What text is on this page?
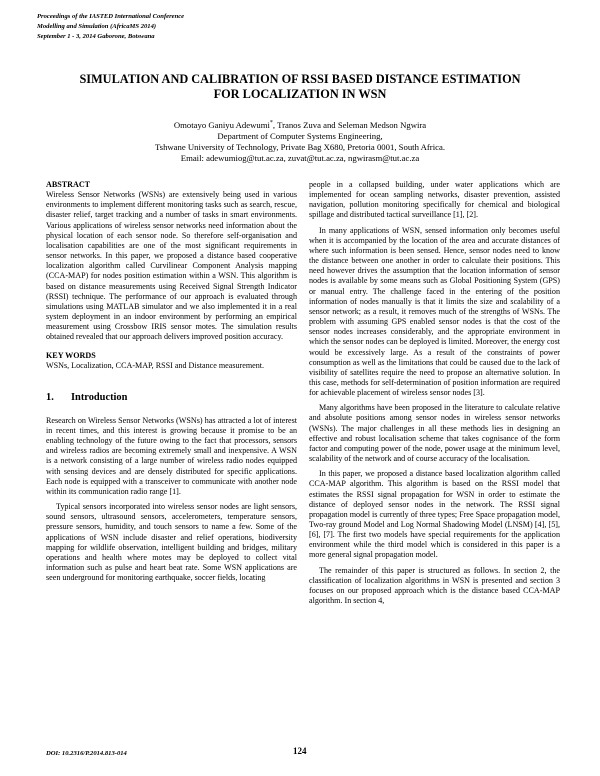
Proceedings of the IASTED International Conference
Modelling and Simulation (AfricaMS 2014)
September 1 - 3, 2014 Gaborone, Botswana
SIMULATION AND CALIBRATION OF RSSI BASED DISTANCE ESTIMATION
FOR LOCALIZATION IN WSN
Omotayo Ganiyu Adewumi*, Tranos Zuva and Seleman Medson Ngwira
Department of Computer Systems Engineering,
Tshwane University of Technology, Private Bag X680, Pretoria 0001, South Africa.
Email: adewumiog@tut.ac.za, zuvat@tut.ac.za, ngwirasm@tut.ac.za
ABSTRACT

Wireless Sensor Networks (WSNs) are extensively being used in various environments to implement different monitoring tasks such as search, rescue, disaster relief, target tracking and a number of tasks in smart environments. Various applications of wireless sensor networks need information about the physical location of each sensor node. So therefore self-organisation and localisation capabilities are one of the most significant requirements in sensor networks. In this paper, we proposed a distance based cooperative localization algorithm called Curvilinear Component Analysis mapping (CCA-MAP) for nodes position estimation within a WSN. This algorithm is based on distance measurements using Received Signal Strength Indicator (RSSI) technique. The performance of our approach is evaluated through simulations using MATLAB simulator and we also implemented it in a real system deployment in an indoor environment by performing an empirical measurement using Crossbow IRIS sensor motes. The simulation results obtained revealed that our approach delivers improved position accuracy.

KEY WORDS

WSNs, Localization, CCA-MAP, RSSI and Distance measurement.

1.	Introduction

Research on Wireless Sensor Networks (WSNs) has attracted a lot of interest in recent times, and this interest is growing because it promise to be an enabling technology of the future owing to the fact that processors, sensors and wireless radios are becoming extremely small and inexpensive. A WSN is a network consisting of a large number of wireless radio nodes equipped with sensing devices and are densely distributed for specific applications. Each node is equipped with a transceiver to communicate with another node within its communication radio range [1].

Typical sensors incorporated into wireless sensor nodes are light sensors, sound sensors, ultrasound sensors, accelerometers, temperature sensors, pressure sensors, humidity, and touch sensors to name a few. Some of the applications of WSN include disaster and relief operations, biodiversity mapping for wildlife observation, intelligent building and bridges, military operations and health where motes may be deployed to collect vital information such as pulse and heart beat rate. Some WSN applications are seen underground for monitoring earthquake, soccer fields, locating

people in a collapsed building, under water applications which are implemented for ocean sampling networks, disaster prevention, assisted navigation, pollution monitoring specifically for chemical and biological spillage and distributed tactical surveillance [1], [2].

In many applications of WSN, sensed information only becomes useful when it is accompanied by the location of the area and accurate distances of where such information is been sensed. Hence, sensor nodes need to know the distance between one another in order to calculate their positions. This need however drives the assumption that the location information of sensor nodes is available by some means such as Global Positioning System (GPS) or manual entry. The challenge faced in the entering of the position information of nodes manually is that it limits the size and scalability of a sensor network; as a result, it removes much of the strengths of WSNs. The problem with assuming GPS enabled sensor nodes is that the cost of the sensor nodes increases considerably, and the appropriate environment in which the sensor nodes can be deployed is limited. Moreover, the energy cost would be excessively large. As a result of the constraints of power consumption as well as the limitations that could be caused due to the lack of visibility of satellites require the need to propose an alternative solution. In this case, methods for self-determination of position information are required for achievable placement of wireless sensor nodes [3].

Many algorithms have been proposed in the literature to calculate relative and absolute positions among sensor nodes in wireless sensor networks (WSNs). The major challenges in all these methods lies in designing an effective and robust localisation scheme that takes cognisance of the form factor and computing power of the node, power usage at the minimum level, scalability of the network and of course accuracy of the localisation.

In this paper, we proposed a distance based localization algorithm called CCA-MAP algorithm. This algorithm is based on the RSSI model that estimates the RSSI signal propagation for WSN in order to estimate the distance of deployed sensor nodes in the network. The RSSI signal propagation model is currently of three types; Free Space propagation model, Two-ray ground Model and Log Normal Shadowing Model (LNSM) [4], [5], [6], [7]. The first two models have special requirements for the application environment while the third model which is considered in this paper is a more general signal propagation model.

The remainder of this paper is structured as follows. In section 2, the classification of localization algorithms in WSN is presented and section 3 focuses on our proposed approach which is the distance based CCA-MAP algorithm. In section 4,

DOI: 10.2316/P.2014.813-014	124
